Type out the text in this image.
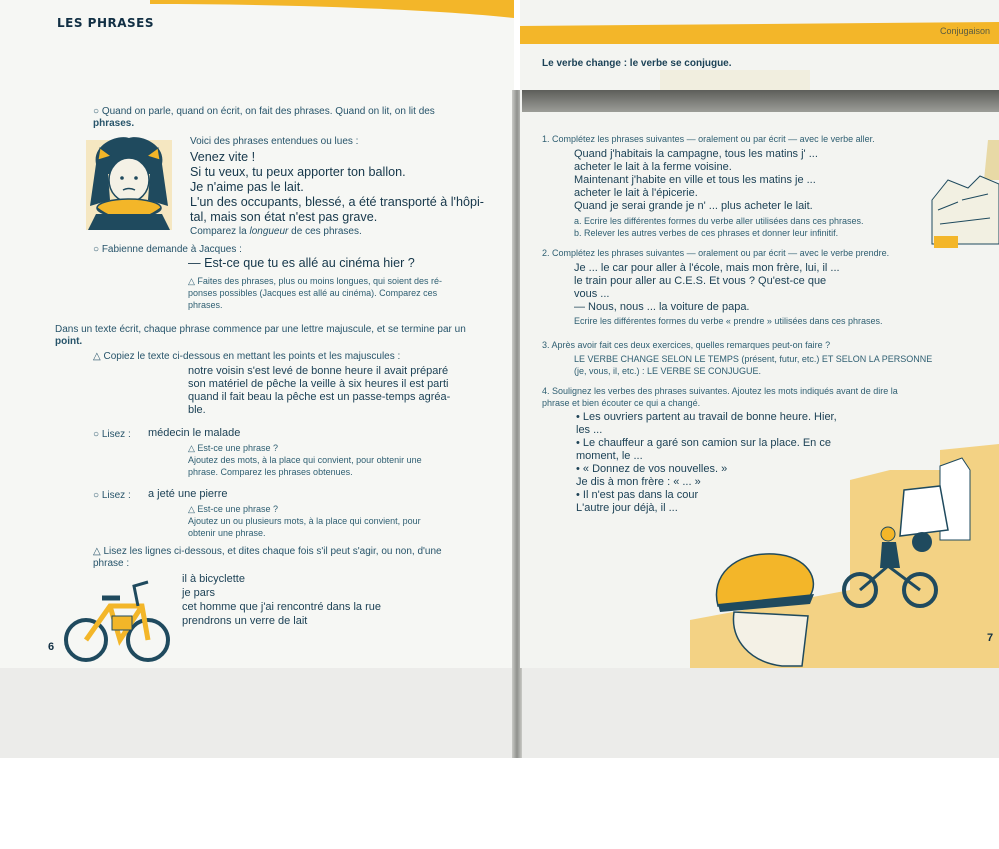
LES PHRASES
○ Quand on parle, quand on écrit, on fait des phrases. Quand on lit, on lit des
phrases.
Voici des phrases entendues ou lues :
Venez vite !
Si tu veux, tu peux apporter ton ballon.
Je n'aime pas le lait.
L'un des occupants, blessé, a été transporté à l'hôpi-
tal, mais son état n'est pas grave.
Comparez la longueur de ces phrases.
○ Fabienne demande à Jacques :
— Est-ce que tu es allé au cinéma hier ?
△ Faites des phrases, plus ou moins longues, qui soient des ré-
ponses possibles (Jacques est allé au cinéma). Comparez ces
phrases.
Dans un texte écrit, chaque phrase commence par une lettre majuscule, et se termine par un
point.
△ Copiez le texte ci-dessous en mettant les points et les majuscules :
notre voisin s'est levé de bonne heure il avait préparé
son matériel de pêche la veille à six heures il est parti
quand il fait beau la pêche est un passe-temps agréa-
ble.
○ Lisez : médecin le malade
△ Est-ce une phrase ?
Ajoutez des mots, à la place qui convient, pour obtenir une
phrase. Comparez les phrases obtenues.
○ Lisez : a jeté une pierre
△ Est-ce une phrase ?
Ajoutez un ou plusieurs mots, à la place qui convient, pour
obtenir une phrase.
△ Lisez les lignes ci-dessous, et dites chaque fois s'il peut s'agir, ou non, d'une
phrase :
il à bicyclette
je pars
cet homme que j'ai rencontré dans la rue
prendrons un verre de lait
6
Conjugaison
Le verbe change : le verbe se conjugue.
1. Complétez les phrases suivantes — oralement ou par écrit — avec le verbe aller.
Quand j'habitais la campagne, tous les matins j' ...
acheter le lait à la ferme voisine.
Maintenant j'habite en ville et tous les matins je ...
acheter le lait à l'épicerie.
Quand je serai grande je n' ... plus acheter le lait.
a. Ecrire les différentes formes du verbe aller utilisées dans ces phrases.
b. Relever les autres verbes de ces phrases et donner leur infinitif.
2. Complétez les phrases suivantes — oralement ou par écrit — avec le verbe prendre.
Je ... le car pour aller à l'école, mais mon frère, lui, il ...
le train pour aller au C.E.S. Et vous ? Qu'est-ce que
vous ...
— Nous, nous ... la voiture de papa.
Ecrire les différentes formes du verbe « prendre » utilisées dans ces phrases.
3. Après avoir fait ces deux exercices, quelles remarques peut-on faire ?
LE VERBE CHANGE SELON LE TEMPS (présent, futur, etc.) ET SELON LA PERSONNE
(je, vous, il, etc.) : LE VERBE SE CONJUGUE.
4. Soulignez les verbes des phrases suivantes. Ajoutez les mots indiqués avant de dire la
phrase et bien écouter ce qui a changé.
• Les ouvriers partent au travail de bonne heure. Hier,
les ...
• Le chauffeur a garé son camion sur la place. En ce
moment, le ...
• « Donnez de vos nouvelles. »
Je dis à mon frère : « ... »
• Il n'est pas dans la cour
L'autre jour déjà, il ...
7
